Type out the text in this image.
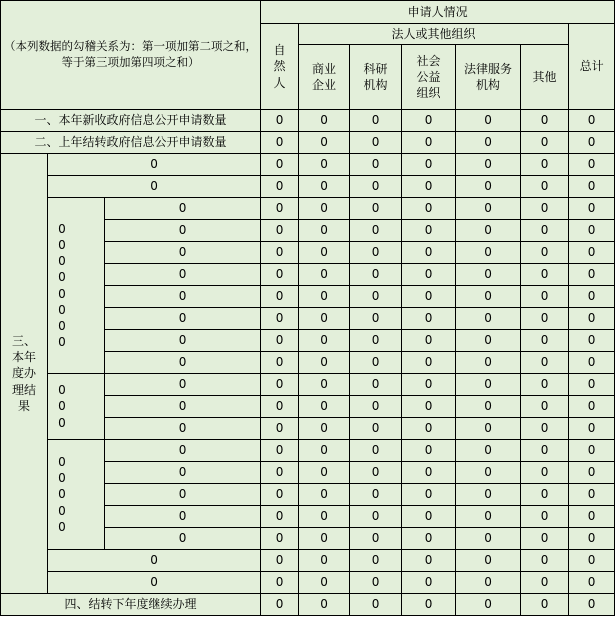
（本列数据的勾稽关系为：第一项加第二项之和，等于第三项加第四项之和）			申请人情况						
			自然人	法人或其他组织					总计
				商业企业	科研机构	社会公益组织	法律服务机构	其他	
一、本年新收政府信息公开申请数量			0	0	0	0	0	0	0
二、上年结转政府信息公开申请数量			0	0	0	0	0	0	0
三、本年度办理结果	0		0	0	0	0	0	0	0
	0		0	0	0	0	0	0	0
	0 0 0 0 0 0 0 0	0	0	0	0	0	0	0	0
		0	0	0	0	0	0	0	0
		0	0	0	0	0	0	0	0
		0	0	0	0	0	0	0	0
		0	0	0	0	0	0	0	0
		0	0	0	0	0	0	0	0
		0	0	0	0	0	0	0	0
		0	0	0	0	0	0	0	0
	0 0 0	0	0	0	0	0	0	0	0
		0	0	0	0	0	0	0	0
		0	0	0	0	0	0	0	0
	0 0 0 0 0	0	0	0	0	0	0	0	0
		0	0	0	0	0	0	0	0
		0	0	0	0	0	0	0	0
		0	0	0	0	0	0	0	0
		0	0	0	0	0	0	0	0
	0		0	0	0	0	0	0	0
	0		0	0	0	0	0	0	0
四、结转下年度继续办理			0	0	0	0	0	0	0
